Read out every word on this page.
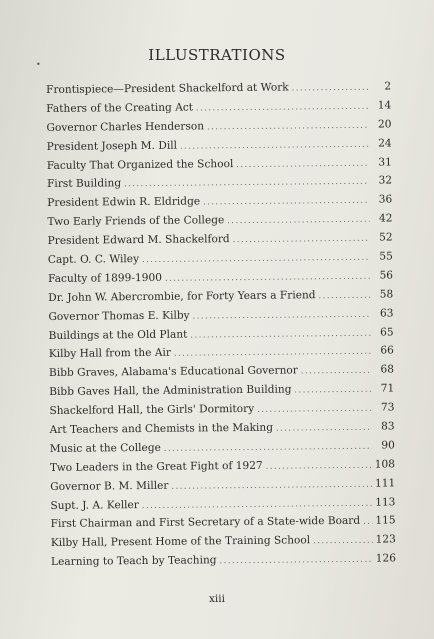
ILLUSTRATIONS
•
Frontispiece—President Shackelford at Work .....	2
Fathers of the Creating Act .....	14
Governor Charles Henderson .....	20
President Joseph M. Dill .....	24
Faculty That Organized the School .....	31
First Building .....	32
President Edwin R. Eldridge .....	36
Two Early Friends of the College .....	42
President Edward M. Shackelford .....	52
Capt. O. C. Wiley .....	55
Faculty of 1899-1900 .....	56
Dr. John W. Abercrombie, for Forty Years a Friend .....	58
Governor Thomas E. Kilby .....	63
Buildings at the Old Plant .....	65
Kilby Hall from the Air .....	66
Bibb Graves, Alabama's Educational Governor .....	68
Bibb Gaves Hall, the Administration Building .....	71
Shackelford Hall, the Girls' Dormitory .....	73
Art Teachers and Chemists in the Making .....	83
Music at the College .....	90
Two Leaders in the Great Fight of 1927 .....	108
Governor B. M. Miller .....	111
Supt. J. A. Keller .....	113
First Chairman and First Secretary of a State-wide Board ..... 115
Kilby Hall, Present Home of the Training School .....	123
Learning to Teach by Teaching .....	126
xiii
